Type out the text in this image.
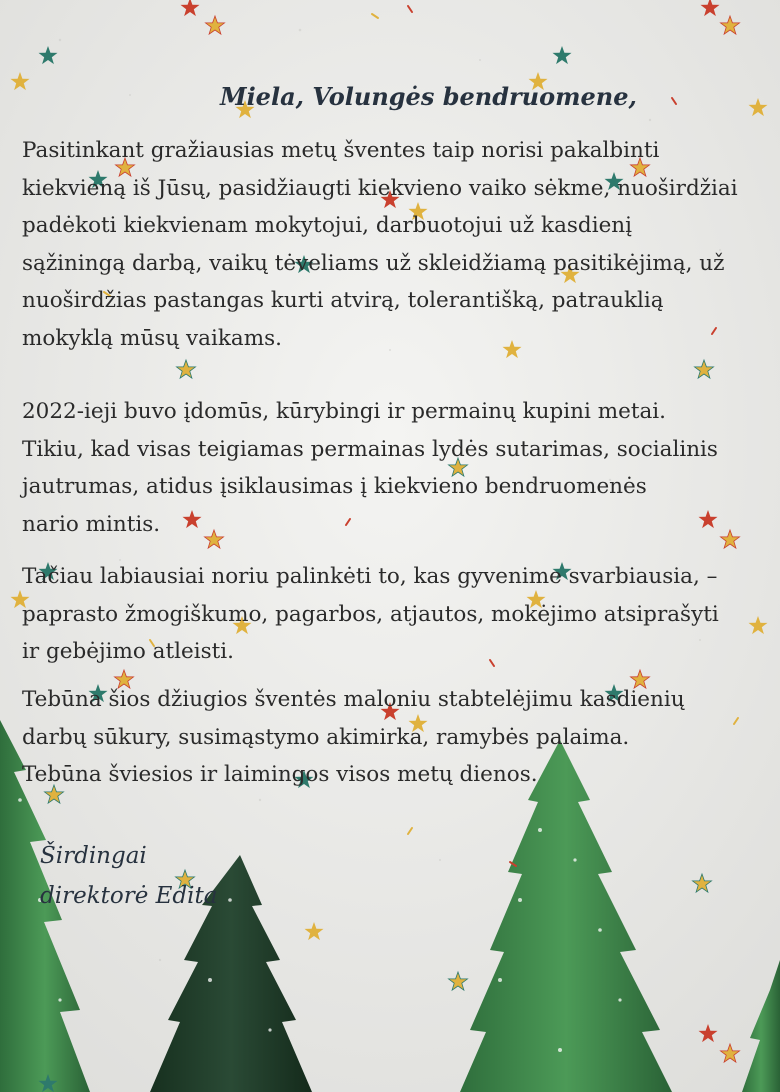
Miela, Volungės bendruomene,

Pasitinkant gražiausias metų šventes taip norisi pakalbinti
kiekvieną iš Jūsų, pasidžiaugti kiekvieno vaiko sėkme, nuoširdžiai
padėkoti kiekvienam mokytojui, darbuotojui už kasdienį
sąžiningą darbą, vaikų tėveliams už skleidžiamą pasitikėjimą, už
nuoširdžias pastangas kurti atvirą, tolerantišką, patrauklią
mokyklą mūsų vaikams.

2022-ieji buvo įdomūs, kūrybingi ir permainų kupini metai.
Tikiu, kad visas teigiamas permainas lydės sutarimas, socialinis
jautrumas, atidus įsiklausimas į kiekvieno bendruomenės
nario mintis.

Tačiau labiausiai noriu palinkėti to, kas gyvenime svarbiausia, –
paprasto žmogiškumo, pagarbos, atjautos, mokėjimo atsiprašyti
ir gebėjimo atleisti.

Tebūna šios džiugios šventės maloniu stabtelėjimu kasdienių
darbų sūkury, susimąstymo akimirka, ramybės palaima.
Tebūna šviesios ir laimingos visos metų dienos.

Širdingai
direktorė Edita
